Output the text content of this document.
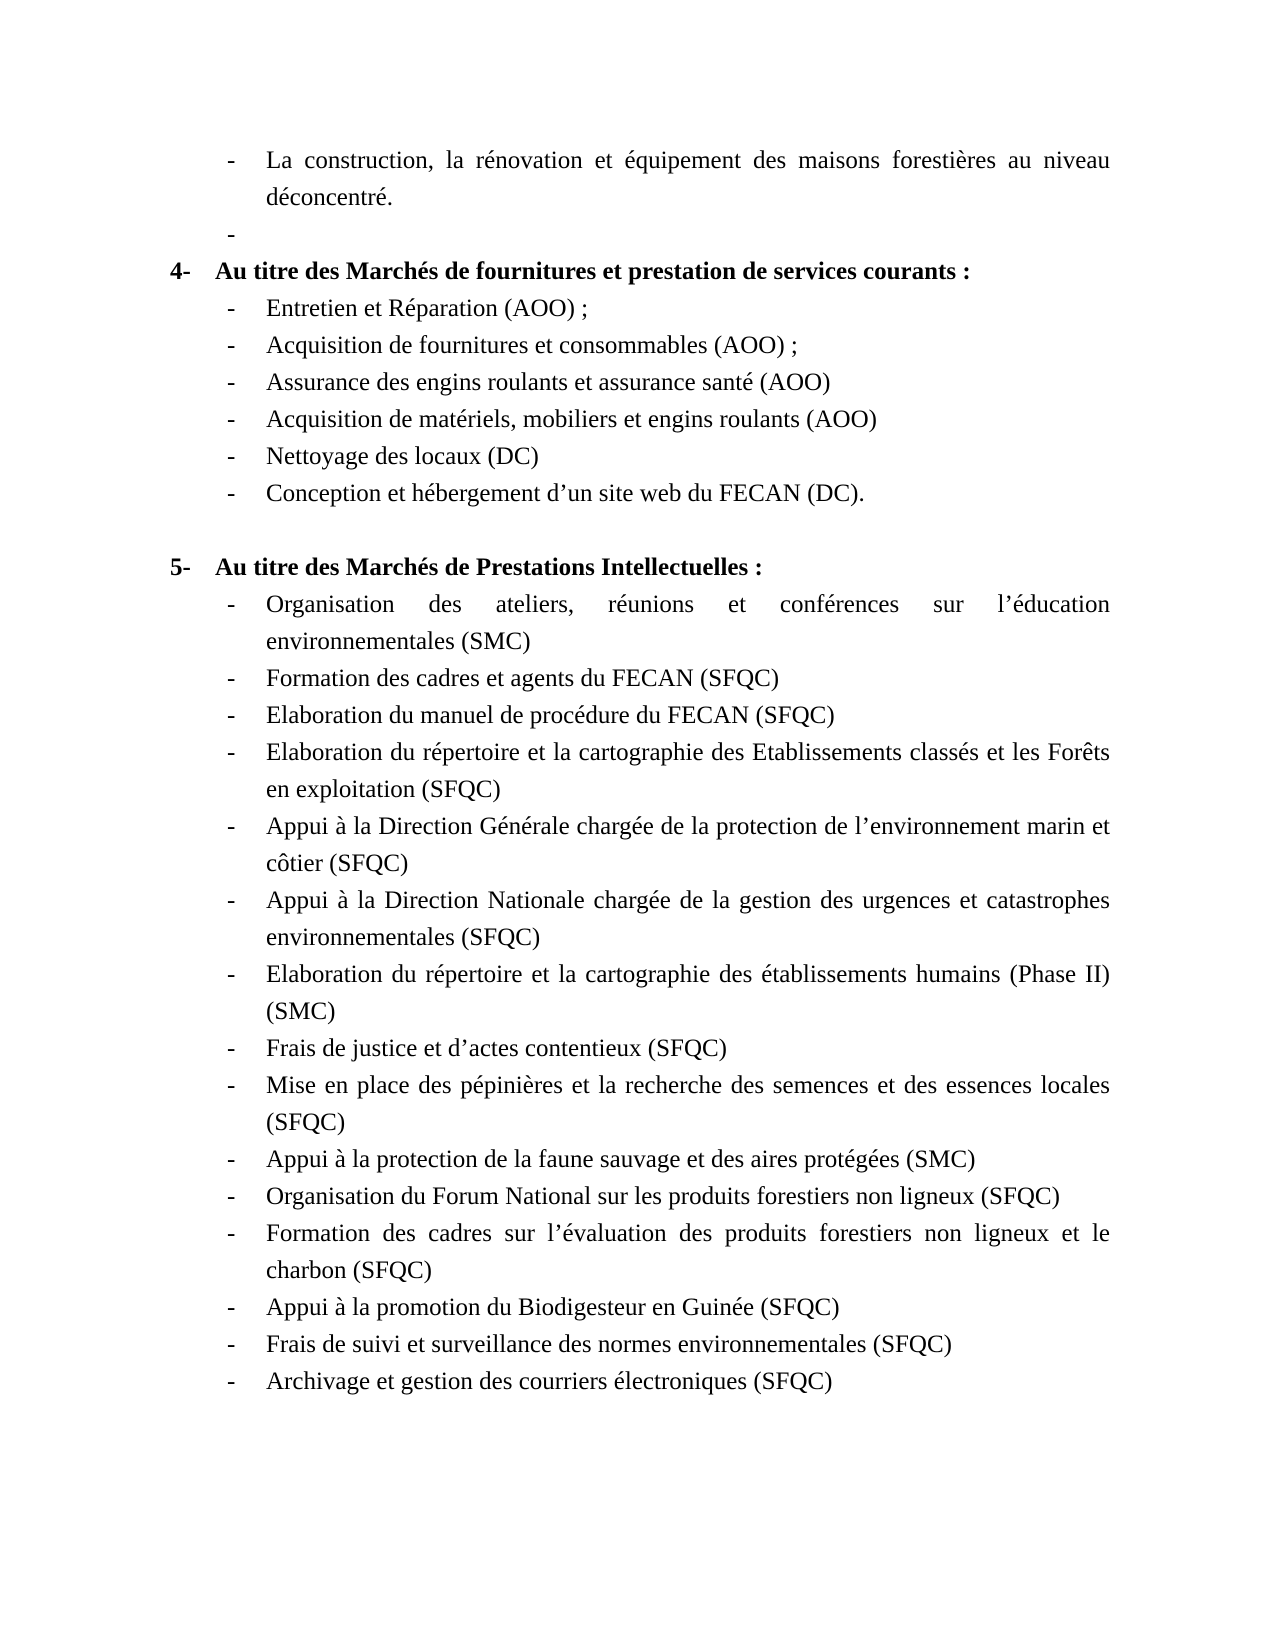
-	La construction, la rénovation et équipement des maisons forestières au niveau déconcentré.
-
4- Au titre des Marchés de fournitures et prestation de services courants :
-	Entretien et Réparation (AOO) ;
-	Acquisition de fournitures et consommables (AOO) ;
-	Assurance des engins roulants et assurance santé (AOO)
-	Acquisition de matériels, mobiliers et engins roulants (AOO)
-	Nettoyage des locaux (DC)
-	Conception et hébergement d’un site web du FECAN (DC).
5- Au titre des Marchés de Prestations Intellectuelles :
-	Organisation des ateliers, réunions et conférences sur l’éducation environnementales (SMC)
-	Formation des cadres et agents du FECAN (SFQC)
-	Elaboration du manuel de procédure du FECAN (SFQC)
-	Elaboration du répertoire et la cartographie des Etablissements classés et les Forêts en exploitation (SFQC)
-	Appui à la Direction Générale chargée de la protection de l’environnement marin et côtier (SFQC)
-	Appui à la Direction Nationale chargée de la gestion des urgences et catastrophes environnementales (SFQC)
-	Elaboration du répertoire et la cartographie des établissements humains (Phase II) (SMC)
-	Frais de justice et d’actes contentieux (SFQC)
-	Mise en place des pépinières et la recherche des semences et des essences locales (SFQC)
-	Appui à la protection de la faune sauvage et des aires protégées (SMC)
-	Organisation du Forum National sur les produits forestiers non ligneux (SFQC)
-	Formation des cadres sur l’évaluation des produits forestiers non ligneux et le charbon (SFQC)
-	Appui à la promotion du Biodigesteur en Guinée (SFQC)
-	Frais de suivi et surveillance des normes environnementales (SFQC)
-	Archivage et gestion des courriers électroniques (SFQC)
